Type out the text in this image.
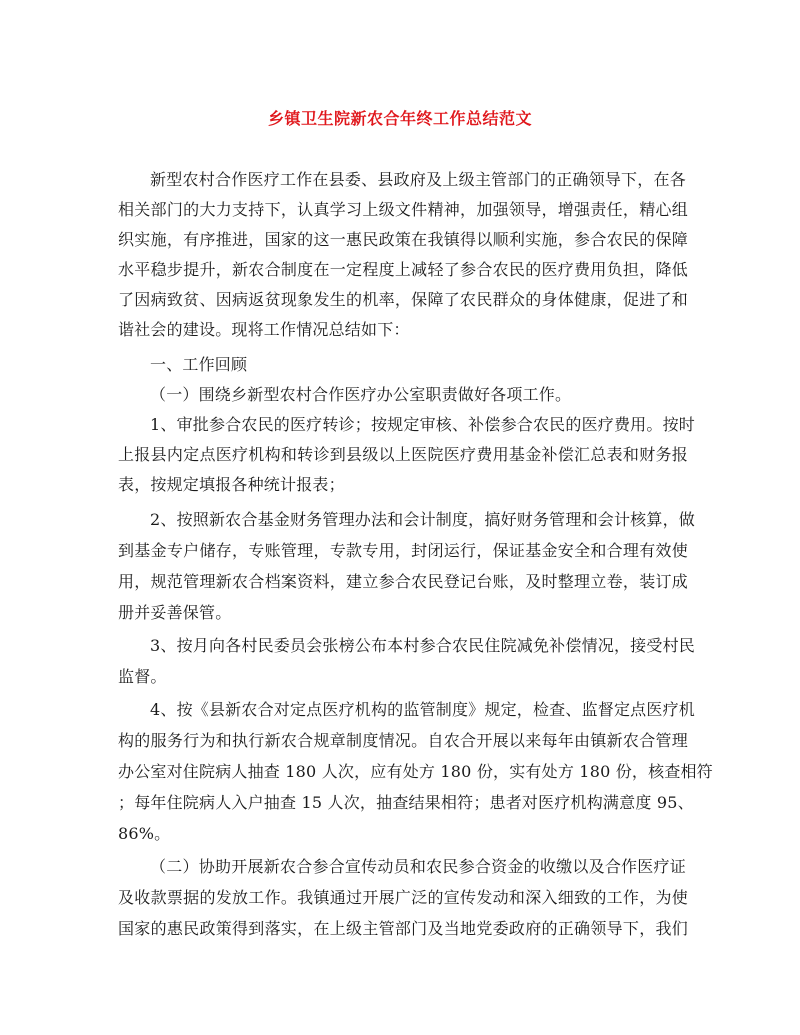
乡镇卫生院新农合年终工作总结范文
新型农村合作医疗工作在县委、县政府及上级主管部门的正确领导下，在各
相关部门的大力支持下，认真学习上级文件精神，加强领导，增强责任，精心组
织实施，有序推进，国家的这一惠民政策在我镇得以顺利实施，参合农民的保障
水平稳步提升，新农合制度在一定程度上减轻了参合农民的医疗费用负担，降低
了因病致贫、因病返贫现象发生的机率，保障了农民群众的身体健康，促进了和
谐社会的建设。现将工作情况总结如下：
一、工作回顾
（一）围绕乡新型农村合作医疗办公室职责做好各项工作。
1、审批参合农民的医疗转诊；按规定审核、补偿参合农民的医疗费用。按时
上报县内定点医疗机构和转诊到县级以上医院医疗费用基金补偿汇总表和财务报
表，按规定填报各种统计报表；
2、按照新农合基金财务管理办法和会计制度，搞好财务管理和会计核算，做
到基金专户储存，专账管理，专款专用，封闭运行，保证基金安全和合理有效使
用，规范管理新农合档案资料，建立参合农民登记台账，及时整理立卷，装订成
册并妥善保管。
3、按月向各村民委员会张榜公布本村参合农民住院减免补偿情况，接受村民
监督。
4、按《县新农合对定点医疗机构的监管制度》规定，检查、监督定点医疗机
构的服务行为和执行新农合规章制度情况。自农合开展以来每年由镇新农合管理
办公室对住院病人抽查 180 人次，应有处方 180 份，实有处方 180 份，核查相符
；每年住院病人入户抽查 15 人次，抽查结果相符；患者对医疗机构满意度 95、
86%。
（二）协助开展新农合参合宣传动员和农民参合资金的收缴以及合作医疗证
及收款票据的发放工作。我镇通过开展广泛的宣传发动和深入细致的工作，为使
国家的惠民政策得到落实，在上级主管部门及当地党委政府的正确领导下，我们
